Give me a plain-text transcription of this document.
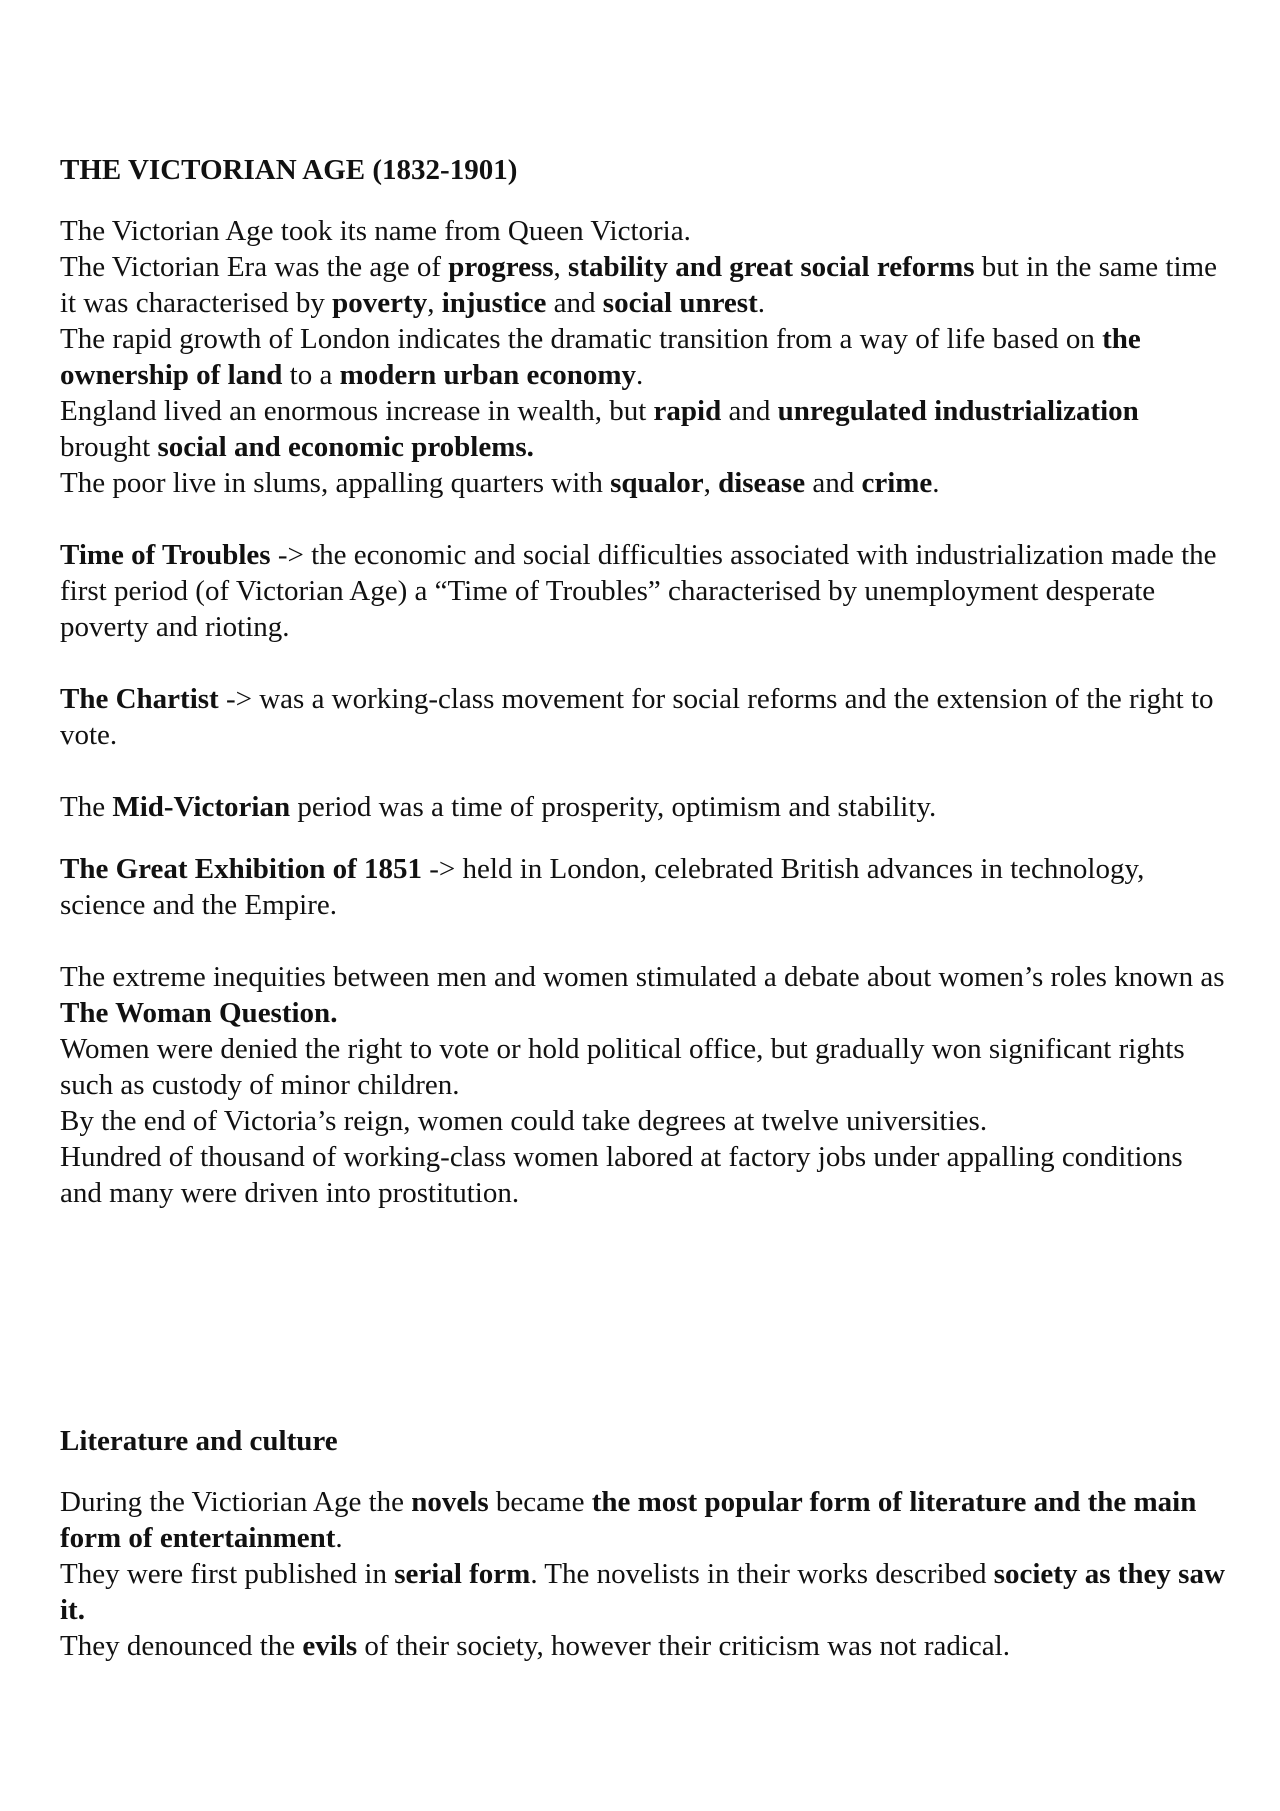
THE VICTORIAN AGE (1832-1901)

The Victorian Age took its name from Queen Victoria.

The Victorian Era was the age of progress, stability and great social reforms but in the same time it was characterised by poverty, injustice and social unrest.

The rapid growth of London indicates the dramatic transition from a way of life based on the ownership of land to a modern urban economy.

England lived an enormous increase in wealth, but rapid and unregulated industrialization brought social and economic problems.

The poor live in slums, appalling quarters with squalor, disease and crime.

Time of Troubles -> the economic and social difficulties associated with industrialization made the first period (of Victorian Age) a “Time of Troubles” characterised by unemployment desperate poverty and rioting.

The Chartist -> was a working-class movement for social reforms and the extension of the right to vote.

The Mid-Victorian period was a time of prosperity, optimism and stability.

The Great Exhibition of 1851 -> held in London, celebrated British advances in technology, science and the Empire.

The extreme inequities between men and women stimulated a debate about women’s roles known as The Woman Question.

Women were denied the right to vote or hold political office, but gradually won significant rights such as custody of minor children.

By the end of Victoria’s reign, women could take degrees at twelve universities.

Hundred of thousand of working-class women labored at factory jobs under appalling conditions and many were driven into prostitution.

Literature and culture

During the Victiorian Age the novels became the most popular form of literature and the main form of entertainment.

They were first published in serial form. The novelists in their works described society as they saw it.

They denounced the evils of their society, however their criticism was not radical.
